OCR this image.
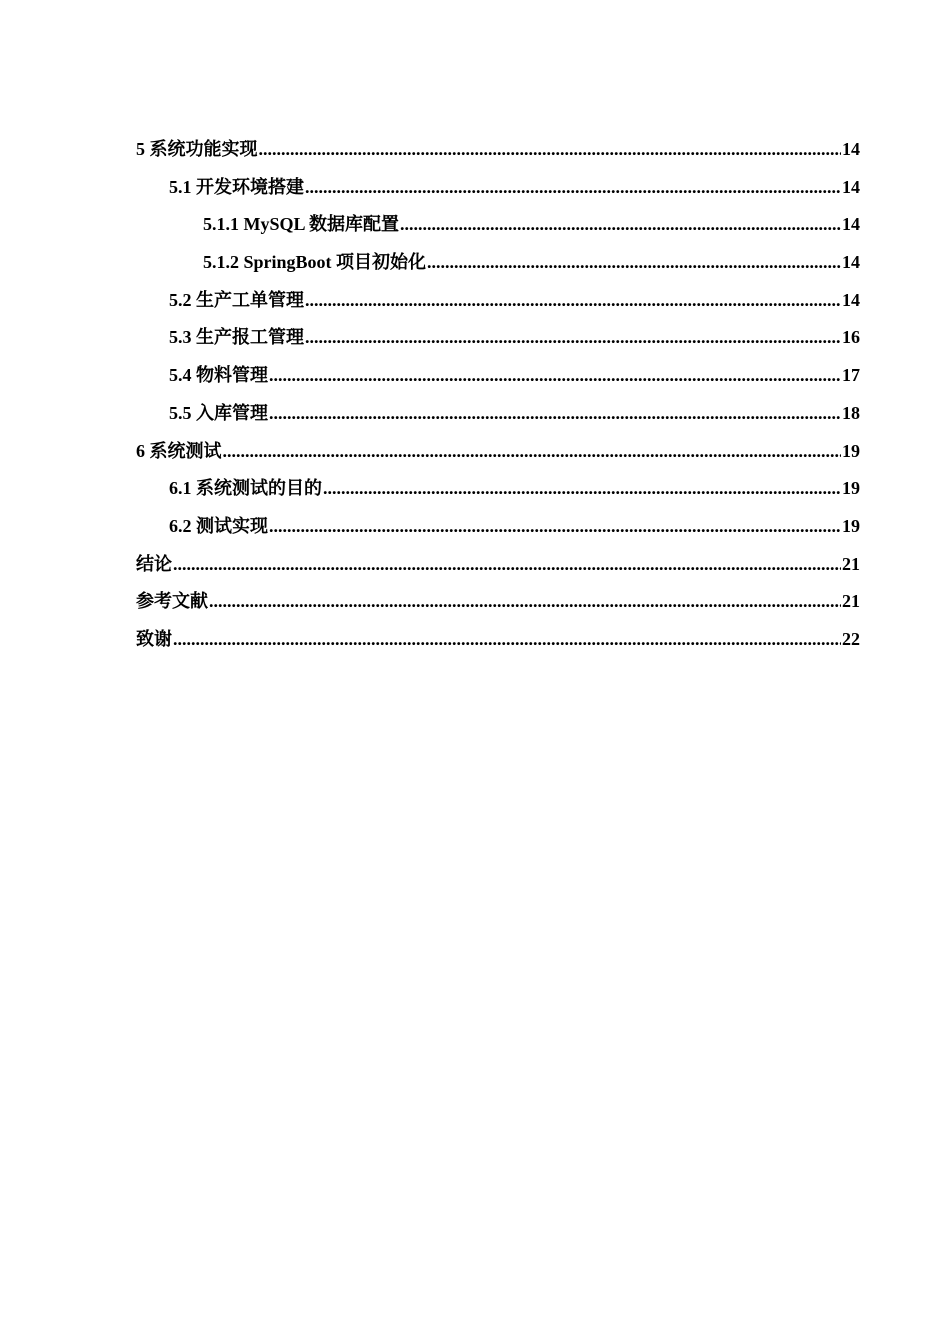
5 系统功能实现 .....	14
5.1 开发环境搭建 .....	14
5.1.1 MySQL 数据库配置 .....	14
5.1.2 SpringBoot 项目初始化 .....	14
5.2 生产工单管理 .....	14
5.3 生产报工管理 .....	16
5.4 物料管理 .....	17
5.5 入库管理 .....	18
6 系统测试 .....	19
6.1 系统测试的目的 .....	19
6.2 测试实现 .....	19
结论 .....	21
参考文献 .....	21
致谢 .....	22
